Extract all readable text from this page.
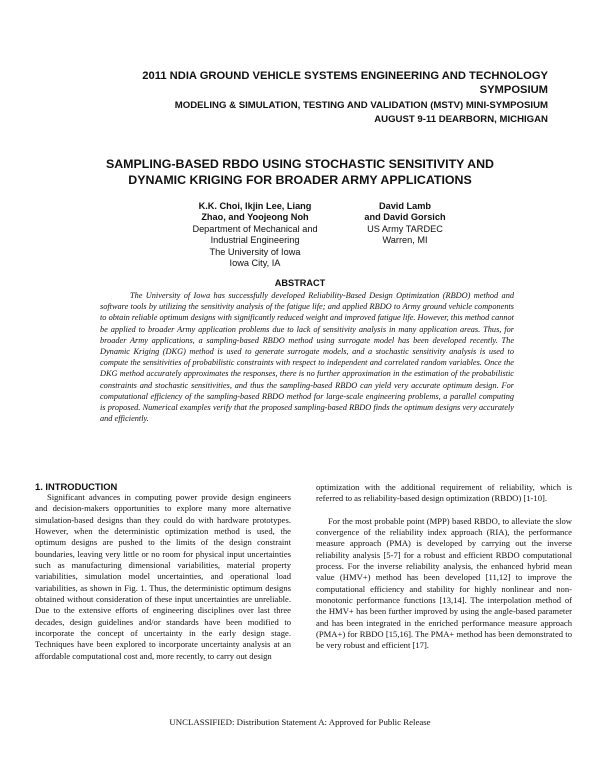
2011 NDIA GROUND VEHICLE SYSTEMS ENGINEERING AND TECHNOLOGY
SYMPOSIUM
MODELING & SIMULATION, TESTING AND VALIDATION (MSTV) MINI-SYMPOSIUM
AUGUST 9-11 DEARBORN, MICHIGAN
SAMPLING-BASED RBDO USING STOCHASTIC SENSITIVITY AND
DYNAMIC KRIGING FOR BROADER ARMY APPLICATIONS
K.K. Choi, Ikjin Lee, Liang
Zhao, and Yoojeong Noh
Department of Mechanical and
Industrial Engineering
The University of Iowa
Iowa City, IA
David Lamb
and David Gorsich
US Army TARDEC
Warren, MI
ABSTRACT
The University of Iowa has successfully developed Reliability-Based Design Optimization (RBDO) method and software tools by utilizing the sensitivity analysis of the fatigue life; and applied RBDO to Army ground vehicle components to obtain reliable optimum designs with significantly reduced weight and improved fatigue life. However, this method cannot be applied to broader Army application problems due to lack of sensitivity analysis in many application areas. Thus, for broader Army applications, a sampling-based RBDO method using surrogate model has been developed recently. The Dynamic Kriging (DKG) method is used to generate surrogate models, and a stochastic sensitivity analysis is used to compute the sensitivities of probabilistic constraints with respect to independent and correlated random variables. Once the DKG method accurately approximates the responses, there is no further approximation in the estimation of the probabilistic constraints and stochastic sensitivities, and thus the sampling-based RBDO can yield very accurate optimum design. For computational efficiency of the sampling-based RBDO method for large-scale engineering problems, a parallel computing is proposed. Numerical examples verify that the proposed sampling-based RBDO finds the optimum designs very accurately and efficiently.
1. INTRODUCTION

Significant advances in computing power provide design engineers and decision-makers opportunities to explore many more alternative simulation-based designs than they could do with hardware prototypes. However, when the deterministic optimization method is used, the optimum designs are pushed to the limits of the design constraint boundaries, leaving very little or no room for physical input uncertainties such as manufacturing dimensional variabilities, material property variabilities, simulation model uncertainties, and operational load variabilities, as shown in Fig. 1. Thus, the deterministic optimum designs obtained without consideration of these input uncertainties are unreliable. Due to the extensive efforts of engineering disciplines over last three decades, design guidelines and/or standards have been modified to incorporate the concept of uncertainty in the early design stage. Techniques have been explored to incorporate uncertainty analysis at an affordable computational cost and, more recently, to carry out design

optimization with the additional requirement of reliability, which is referred to as reliability-based design optimization (RBDO) [1-10].

For the most probable point (MPP) based RBDO, to alleviate the slow convergence of the reliability index approach (RIA), the performance measure approach (PMA) is developed by carrying out the inverse reliability analysis [5-7] for a robust and efficient RBDO computational process. For the inverse reliability analysis, the enhanced hybrid mean value (HMV+) method has been developed [11,12] to improve the computational efficiency and stability for highly nonlinear and non-monotonic performance functions [13,14]. The interpolation method of the HMV+ has been further improved by using the angle-based parameter and has been integrated in the enriched performance measure approach (PMA+) for RBDO [15,16]. The PMA+ method has been demonstrated to be very robust and efficient [17].

UNCLASSIFIED: Distribution Statement A: Approved for Public Release
